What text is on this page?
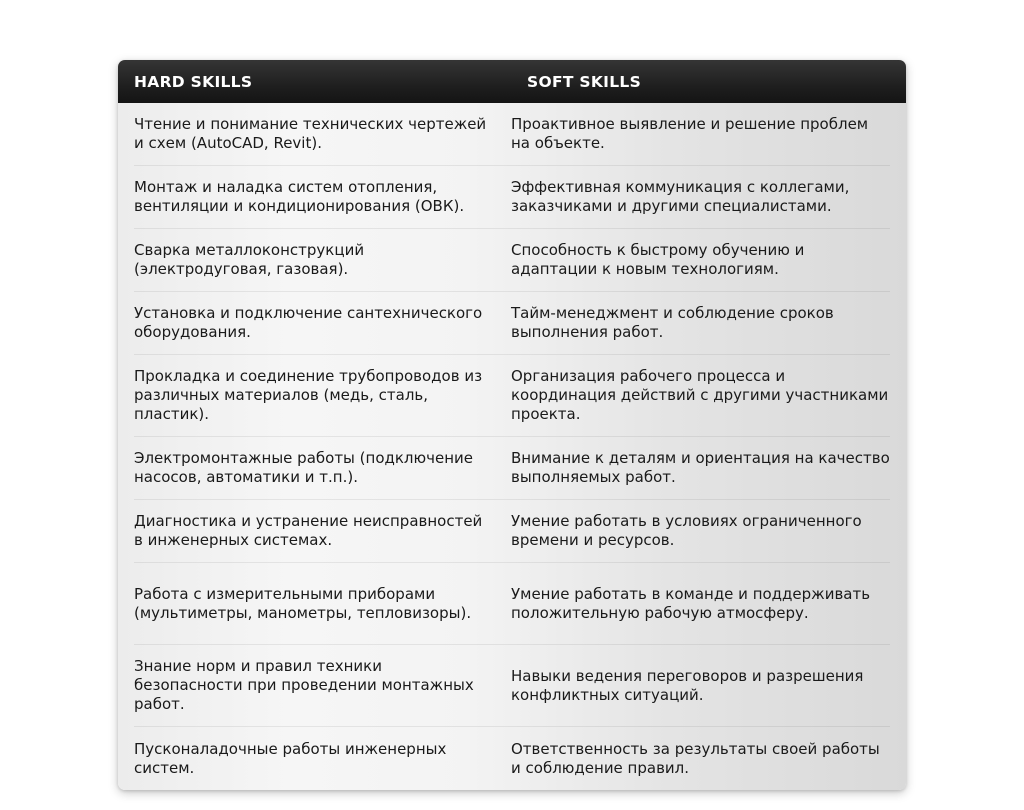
HARD SKILLS	SOFT SKILLS
Чтение и понимание технических чертежей и схем (AutoCAD, Revit).
Проактивное выявление и решение проблем на объекте.
Монтаж и наладка систем отопления, вентиляции и кондиционирования (ОВК).
Эффективная коммуникация с коллегами, заказчиками и другими специалистами.
Сварка металлоконструкций (электродуговая, газовая).
Способность к быстрому обучению и адаптации к новым технологиям.
Установка и подключение сантехнического оборудования.
Тайм-менеджмент и соблюдение сроков выполнения работ.
Прокладка и соединение трубопроводов из различных материалов (медь, сталь, пластик).
Организация рабочего процесса и координация действий с другими участниками проекта.
Электромонтажные работы (подключение насосов, автоматики и т.п.).
Внимание к деталям и ориентация на качество выполняемых работ.
Диагностика и устранение неисправностей в инженерных системах.
Умение работать в условиях ограниченного времени и ресурсов.
Работа с измерительными приборами (мультиметры, манометры, тепловизоры).
Умение работать в команде и поддерживать положительную рабочую атмосферу.
Знание норм и правил техники безопасности при проведении монтажных работ.
Навыки ведения переговоров и разрешения конфликтных ситуаций.
Пусконаладочные работы инженерных систем.
Ответственность за результаты своей работы и соблюдение правил.
